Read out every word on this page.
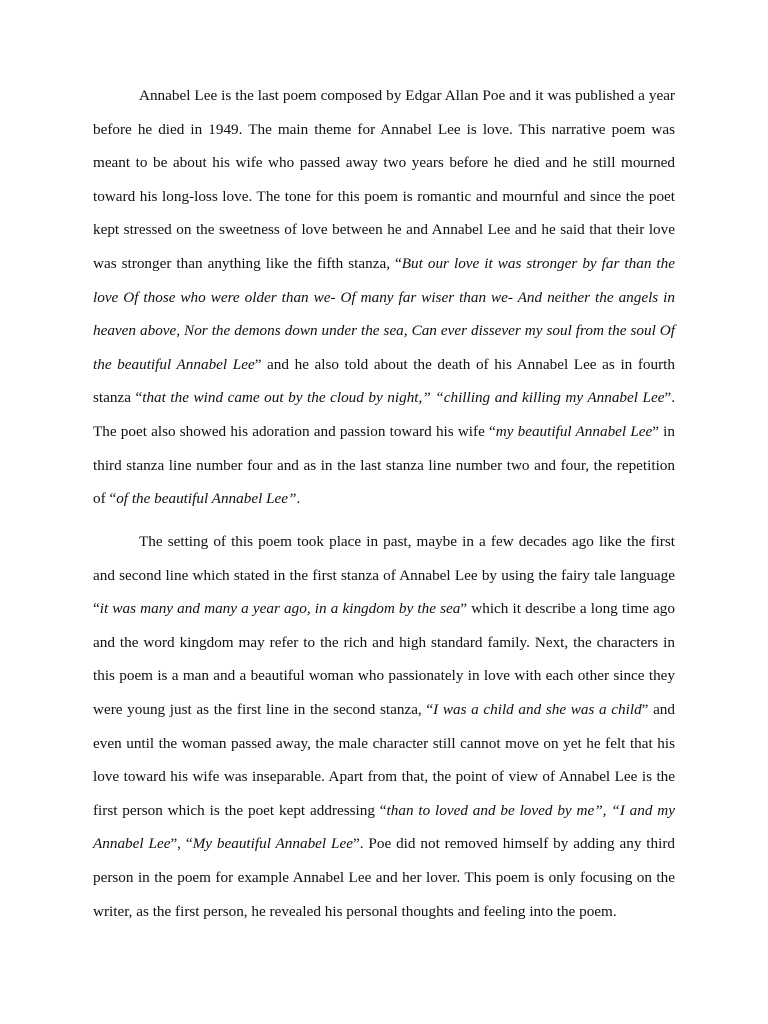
Annabel Lee is the last poem composed by Edgar Allan Poe and it was published a year before he died in 1949. The main theme for Annabel Lee is love. This narrative poem was meant to be about his wife who passed away two years before he died and he still mourned toward his long-loss love. The tone for this poem is romantic and mournful and since the poet kept stressed on the sweetness of love between he and Annabel Lee and he said that their love was stronger than anything like the fifth stanza, “But our love it was stronger by far than the love Of those who were older than we- Of many far wiser than we- And neither the angels in heaven above, Nor the demons down under the sea, Can ever dissever my soul from the soul Of the beautiful Annabel Lee” and he also told about the death of his Annabel Lee as in fourth stanza “that the wind came out by the cloud by night,” “chilling and killing my Annabel Lee”. The poet also showed his adoration and passion toward his wife “my beautiful Annabel Lee” in third stanza line number four and as in the last stanza line number two and four, the repetition of “of the beautiful Annabel Lee”.

The setting of this poem took place in past, maybe in a few decades ago like the first and second line which stated in the first stanza of Annabel Lee by using the fairy tale language “it was many and many a year ago, in a kingdom by the sea” which it describe a long time ago and the word kingdom may refer to the rich and high standard family. Next, the characters in this poem is a man and a beautiful woman who passionately in love with each other since they were young just as the first line in the second stanza, “I was a child and she was a child” and even until the woman passed away, the male character still cannot move on yet he felt that his love toward his wife was inseparable. Apart from that, the point of view of Annabel Lee is the first person which is the poet kept addressing “than to loved and be loved by me”, “I and my Annabel Lee”, “My beautiful Annabel Lee”. Poe did not removed himself by adding any third person in the poem for example Annabel Lee and her lover. This poem is only focusing on the writer, as the first person, he revealed his personal thoughts and feeling into the poem.
